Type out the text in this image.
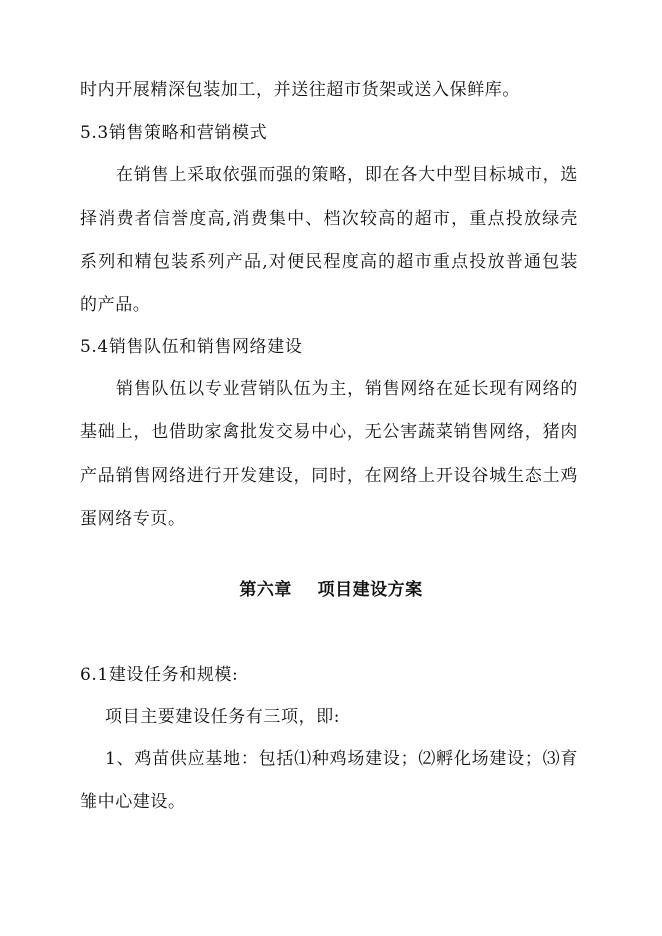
时内开展精深包装加工，并送往超市货架或送入保鲜库。
5.3销售策略和营销模式
在销售上采取依强而强的策略，即在各大中型目标城市，选
择消费者信誉度高,消费集中、档次较高的超市，重点投放绿壳
系列和精包装系列产品,对便民程度高的超市重点投放普通包装
的产品。
5.4销售队伍和销售网络建设
销售队伍以专业营销队伍为主，销售网络在延长现有网络的
基础上，也借助家禽批发交易中心，无公害蔬菜销售网络，猪肉
产品销售网络进行开发建设，同时，在网络上开设谷城生态土鸡
蛋网络专页。
第六章 项目建设方案
6.1建设任务和规模:
项目主要建设任务有三项，即:
1、鸡苗供应基地：包括⑴种鸡场建设；⑵孵化场建设；⑶育
雏中心建设。
